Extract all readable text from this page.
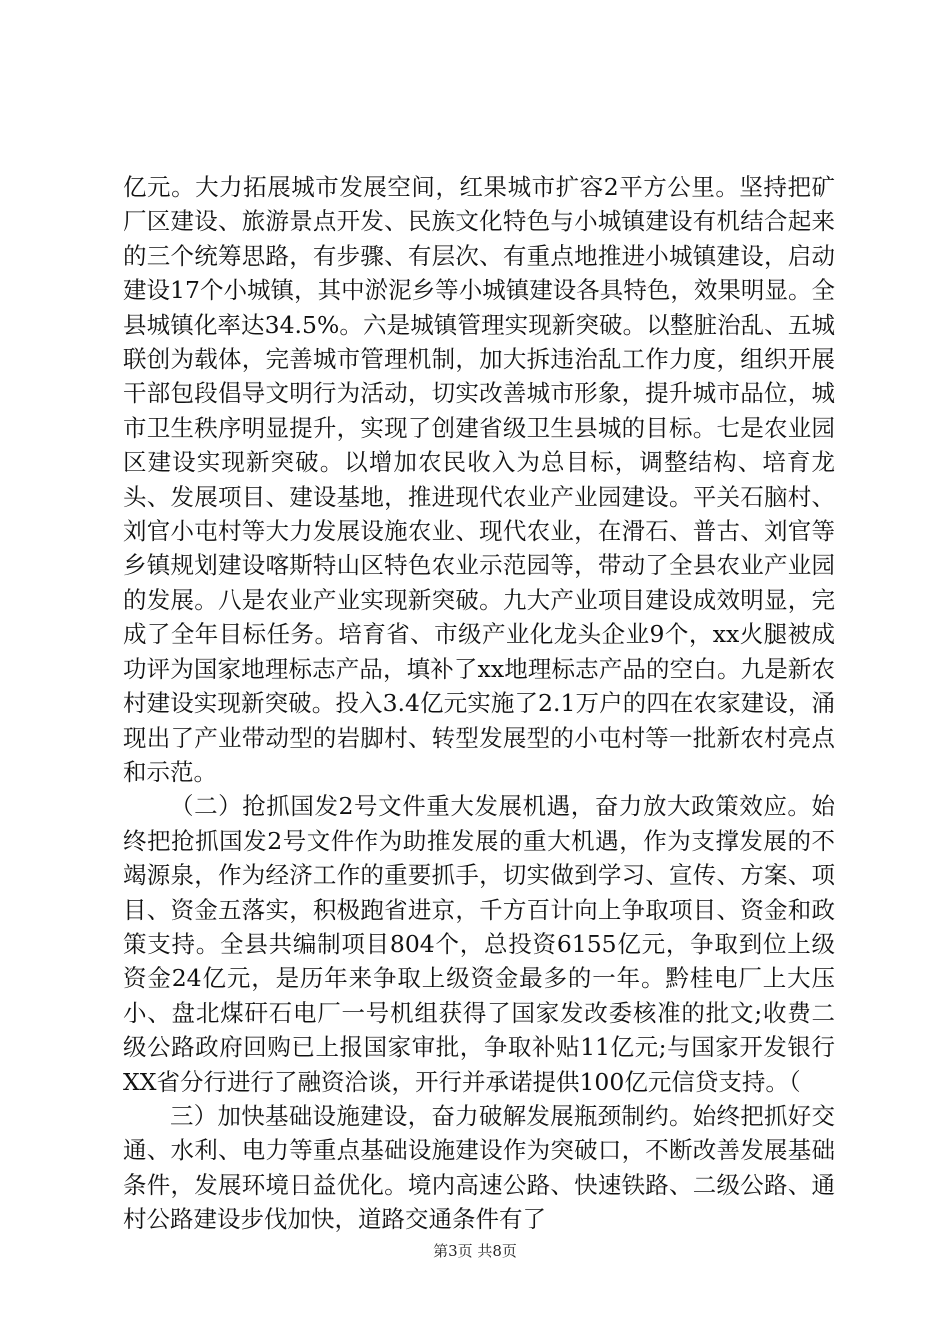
亿元。大力拓展城市发展空间，红果城市扩容2平方公里。坚持把矿厂区建设、旅游景点开发、民族文化特色与小城镇建设有机结合起来的三个统筹思路，有步骤、有层次、有重点地推进小城镇建设，启动建设17个小城镇，其中淤泥乡等小城镇建设各具特色，效果明显。全县城镇化率达34.5%。六是城镇管理实现新突破。以整脏治乱、五城联创为载体，完善城市管理机制，加大拆违治乱工作力度，组织开展干部包段倡导文明行为活动，切实改善城市形象，提升城市品位，城市卫生秩序明显提升，实现了创建省级卫生县城的目标。七是农业园区建设实现新突破。以增加农民收入为总目标，调整结构、培育龙头、发展项目、建设基地，推进现代农业产业园建设。平关石脑村、刘官小屯村等大力发展设施农业、现代农业，在滑石、普古、刘官等乡镇规划建设喀斯特山区特色农业示范园等，带动了全县农业产业园的发展。八是农业产业实现新突破。九大产业项目建设成效明显，完成了全年目标任务。培育省、市级产业化龙头企业9个，xx火腿被成功评为国家地理标志产品，填补了xx地理标志产品的空白。九是新农村建设实现新突破。投入3.4亿元实施了2.1万户的四在农家建设，涌现出了产业带动型的岩脚村、转型发展型的小屯村等一批新农村亮点和示范。

（二）抢抓国发2号文件重大发展机遇，奋力放大政策效应。始终把抢抓国发2号文件作为助推发展的重大机遇，作为支撑发展的不竭源泉，作为经济工作的重要抓手，切实做到学习、宣传、方案、项目、资金五落实，积极跑省进京，千方百计向上争取项目、资金和政策支持。全县共编制项目804个，总投资6155亿元，争取到位上级资金24亿元，是历年来争取上级资金最多的一年。黔桂电厂上大压小、盘北煤矸石电厂一号机组获得了国家发改委核准的批文;收费二级公路政府回购已上报国家审批，争取补贴11亿元;与国家开发银行XX省分行进行了融资洽谈，开行并承诺提供100亿元信贷支持。（

三）加快基础设施建设，奋力破解发展瓶颈制约。始终把抓好交通、水利、电力等重点基础设施建设作为突破口，不断改善发展基础条件，发展环境日益优化。境内高速公路、快速铁路、二级公路、通村公路建设步伐加快，道路交通条件有了

第3页 共8页
